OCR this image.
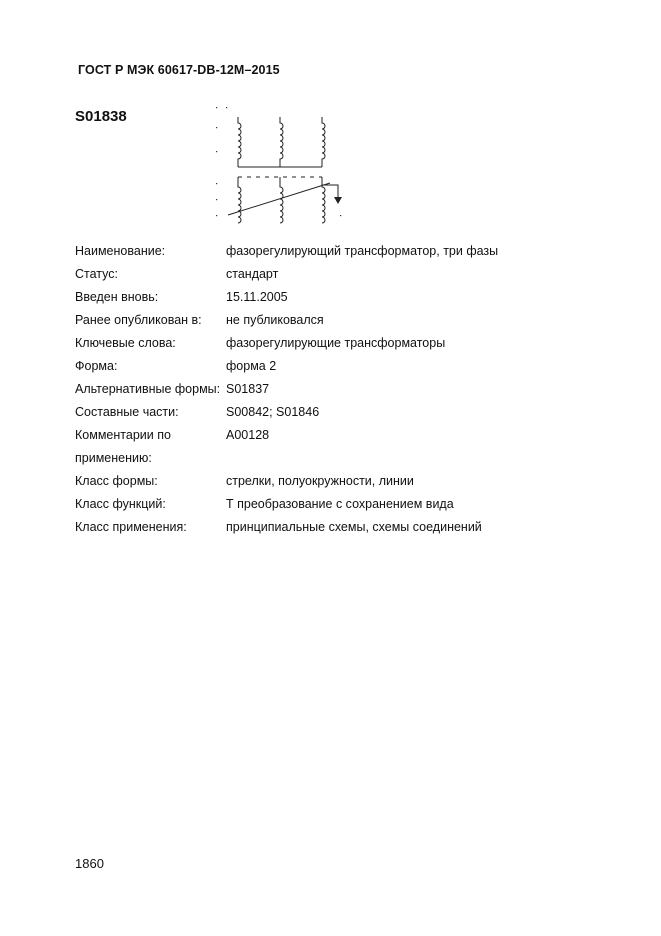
ГОСТ Р МЭК 60617-DB-12M–2015
S01838
Наименование:	фазорегулирующий трансформатор, три фазы
Статус:	стандарт
Введен вновь:	15.11.2005
Ранее опубликован в:	не публиковался
Ключевые слова:	фазорегулирующие трансформаторы
Форма:	форма 2
Альтернативные формы: S01837
Составные части:	S00842; S01846
Комментарии по применению:
A00128
Класс формы:	стрелки, полуокружности, линии
Класс функций:	Т преобразование с сохранением вида
Класс применения:	принципиальные схемы, схемы соединений
1860
